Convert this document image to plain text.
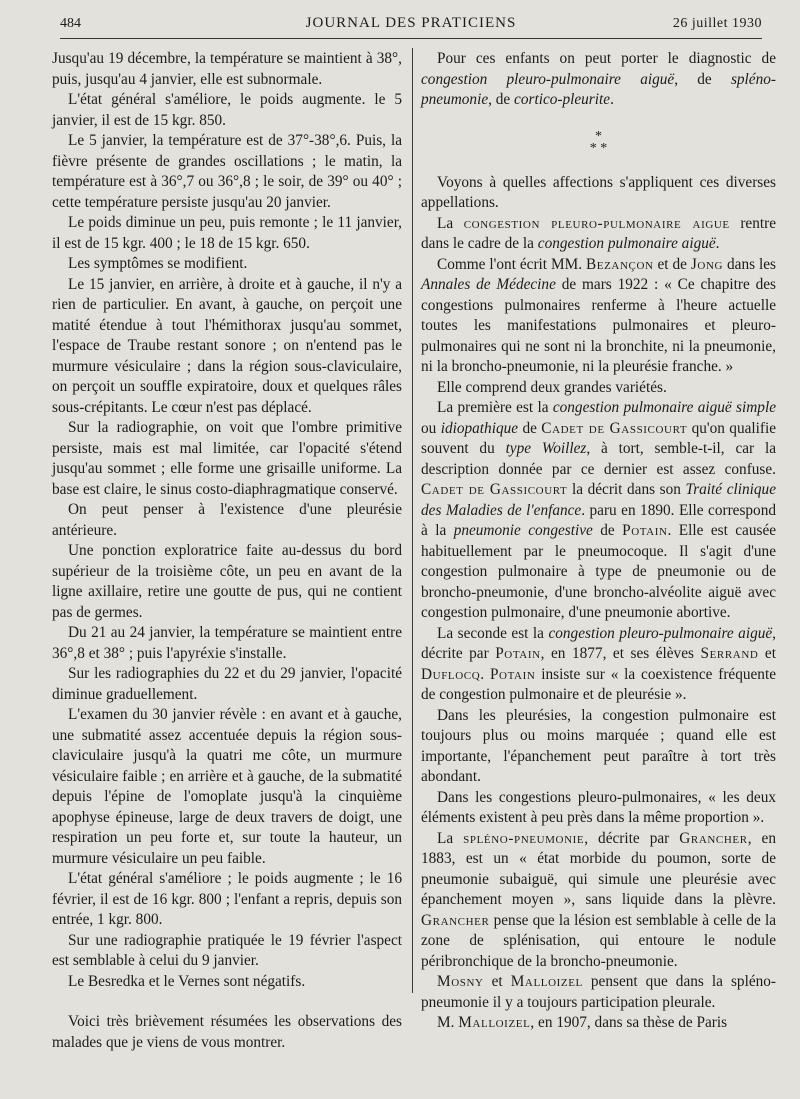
484	JOURNAL DES PRATICIENS	26 juillet 1930

Jusqu'au 19 décembre, la température se maintient à 38°, puis, jusqu'au 4 janvier, elle est subnormale.

L'état général s'améliore, le poids augmente. le 5 janvier, il est de 15 kgr. 850.

Le 5 janvier, la température est de 37°-38°,6. Puis, la fièvre présente de grandes oscillations ; le matin, la température est à 36°,7 ou 36°,8 ; le soir, de 39° ou 40° ; cette température persiste jusqu'au 20 janvier.

Le poids diminue un peu, puis remonte ; le 11 janvier, il est de 15 kgr. 400 ; le 18 de 15 kgr. 650.

Les symptômes se modifient.

Le 15 janvier, en arrière, à droite et à gauche, il n'y a rien de particulier. En avant, à gauche, on perçoit une matité étendue à tout l'hémithorax jusqu'au sommet, l'espace de Traube restant sonore ; on n'entend pas le murmure vésiculaire ; dans la région sous-claviculaire, on perçoit un souffle expiratoire, doux et quelques râles sous-crépitants. Le cœur n'est pas déplacé.

Sur la radiographie, on voit que l'ombre primitive persiste, mais est mal limitée, car l'opacité s'étend jusqu'au sommet ; elle forme une grisaille uniforme. La base est claire, le sinus costo-diaphragmatique conservé.

On peut penser à l'existence d'une pleurésie antérieure.

Une ponction exploratrice faite au-dessus du bord supérieur de la troisième côte, un peu en avant de la ligne axillaire, retire une goutte de pus, qui ne contient pas de germes.

Du 21 au 24 janvier, la température se maintient entre 36°,8 et 38° ; puis l'apyréxie s'installe.

Sur les radiographies du 22 et du 29 janvier, l'opacité diminue graduellement.

L'examen du 30 janvier révèle : en avant et à gauche, une submatité assez accentuée depuis la région sous-claviculaire jusqu'à la quatri me côte, un murmure vésiculaire faible ; en arrière et à gauche, de la submatité depuis l'épine de l'omoplate jusqu'à la cinquième apophyse épineuse, large de deux travers de doigt, une respiration un peu forte et, sur toute la hauteur, un murmure vésiculaire un peu faible.

L'état général s'améliore ; le poids augmente ; le 16 février, il est de 16 kgr. 800 ; l'enfant a repris, depuis son entrée, 1 kgr. 800.

Sur une radiographie pratiquée le 19 février l'aspect est semblable à celui du 9 janvier.

Le Besredka et le Vernes sont négatifs.

Voici très brièvement résumées les observations des malades que je viens de vous montrer.

Pour ces enfants on peut porter le diagnostic de congestion pleuro-pulmonaire aiguë, de spléno-pneumonie, de cortico-pleurite.

*
* *

Voyons à quelles affections s'appliquent ces diverses appellations.

La congestion pleuro-pulmonaire aigue rentre dans le cadre de la congestion pulmonaire aiguë.

Comme l'ont écrit MM. Bezançon et de Jong dans les Annales de Médecine de mars 1922 : « Ce chapitre des congestions pulmonaires renferme à l'heure actuelle toutes les manifestations pulmonaires et pleuro-pulmonaires qui ne sont ni la bronchite, ni la pneumonie, ni la broncho-pneumonie, ni la pleurésie franche. »

Elle comprend deux grandes variétés.

La première est la congestion pulmonaire aiguë simple ou idiopathique de Cadet de Gassicourt qu'on qualifie souvent du type Woillez, à tort, semble-t-il, car la description donnée par ce dernier est assez confuse. Cadet de Gassicourt la décrit dans son Traité clinique des Maladies de l'enfance. paru en 1890. Elle correspond à la pneumonie congestive de Potain. Elle est causée habituellement par le pneumocoque. Il s'agit d'une congestion pulmonaire à type de pneumonie ou de broncho-pneumonie, d'une broncho-alvéolite aiguë avec congestion pulmonaire, d'une pneumonie abortive.

La seconde est la congestion pleuro-pulmonaire aiguë, décrite par Potain, en 1877, et ses élèves Serrand et Duflocq. Potain insiste sur « la coexistence fréquente de congestion pulmonaire et de pleurésie ».

Dans les pleurésies, la congestion pulmonaire est toujours plus ou moins marquée ; quand elle est importante, l'épanchement peut paraître à tort très abondant.

Dans les congestions pleuro-pulmonaires, « les deux éléments existent à peu près dans la même proportion ».

La spléno-pneumonie, décrite par Grancher, en 1883, est un « état morbide du poumon, sorte de pneumonie subaiguë, qui simule une pleurésie avec épanchement moyen », sans liquide dans la plèvre. Grancher pense que la lésion est semblable à celle de la zone de splénisation, qui entoure le nodule péribronchique de la broncho-pneumonie.

Mosny et Malloizel pensent que dans la spléno-pneumonie il y a toujours participation pleurale.

M. Malloizel, en 1907, dans sa thèse de Paris
